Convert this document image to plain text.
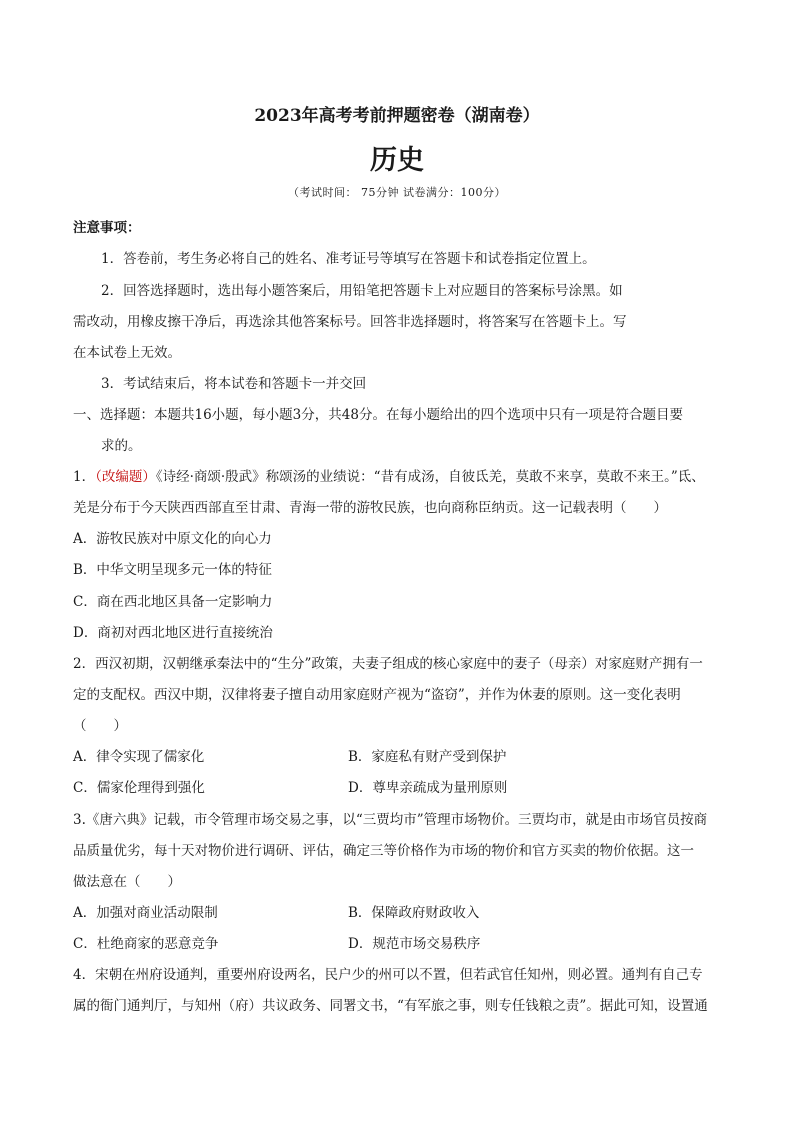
2023年高考考前押题密卷（湖南卷）
历史
（考试时间： 75分钟 试卷满分：100分）
注意事项：
1．答卷前，考生务必将自己的姓名、准考证号等填写在答题卡和试卷指定位置上。
2．回答选择题时，选出每小题答案后，用铅笔把答题卡上对应题目的答案标号涂黑。如
需改动，用橡皮擦干净后，再选涂其他答案标号。回答非选择题时，将答案写在答题卡上。写
在本试卷上无效。
3．考试结束后，将本试卷和答题卡一并交回
一、选择题：本题共16小题，每小题3分，共48分。在每小题给出的四个选项中只有一项是符合题目要
求的。
1．（改编题）《诗经·商颂·殷武》称颂汤的业绩说：“昔有成汤，自彼氐羌，莫敢不来享，莫敢不来王。”氐、
羌是分布于今天陕西西部直至甘肃、青海一带的游牧民族，也向商称臣纳贡。这一记载表明（　　）
A．游牧民族对中原文化的向心力
B．中华文明呈现多元一体的特征
C．商在西北地区具备一定影响力
D．商初对西北地区进行直接统治
2．西汉初期，汉朝继承秦法中的“生分”政策，夫妻子组成的核心家庭中的妻子（母亲）对家庭财产拥有一
定的支配权。西汉中期，汉律将妻子擅自动用家庭财产视为“盗窃”，并作为休妻的原则。这一变化表明
（　　）
A．律令实现了儒家化	B．家庭私有财产受到保护
C．儒家伦理得到强化	D．尊卑亲疏成为量刑原则
3.《唐六典》记载，市令管理市场交易之事，以“三贾均市”管理市场物价。三贾均市，就是由市场官员按商
品质量优劣，每十天对物价进行调研、评估，确定三等价格作为市场的物价和官方买卖的物价依据。这一
做法意在（　　）
A．加强对商业活动限制	B．保障政府财政收入
C．杜绝商家的恶意竞争	D．规范市场交易秩序
4．宋朝在州府设通判，重要州府设两名，民户少的州可以不置，但若武官任知州，则必置。通判有自己专
属的衙门通判厅，与知州（府）共议政务、同署文书，“有军旅之事，则专任钱粮之责”。据此可知，设置通
